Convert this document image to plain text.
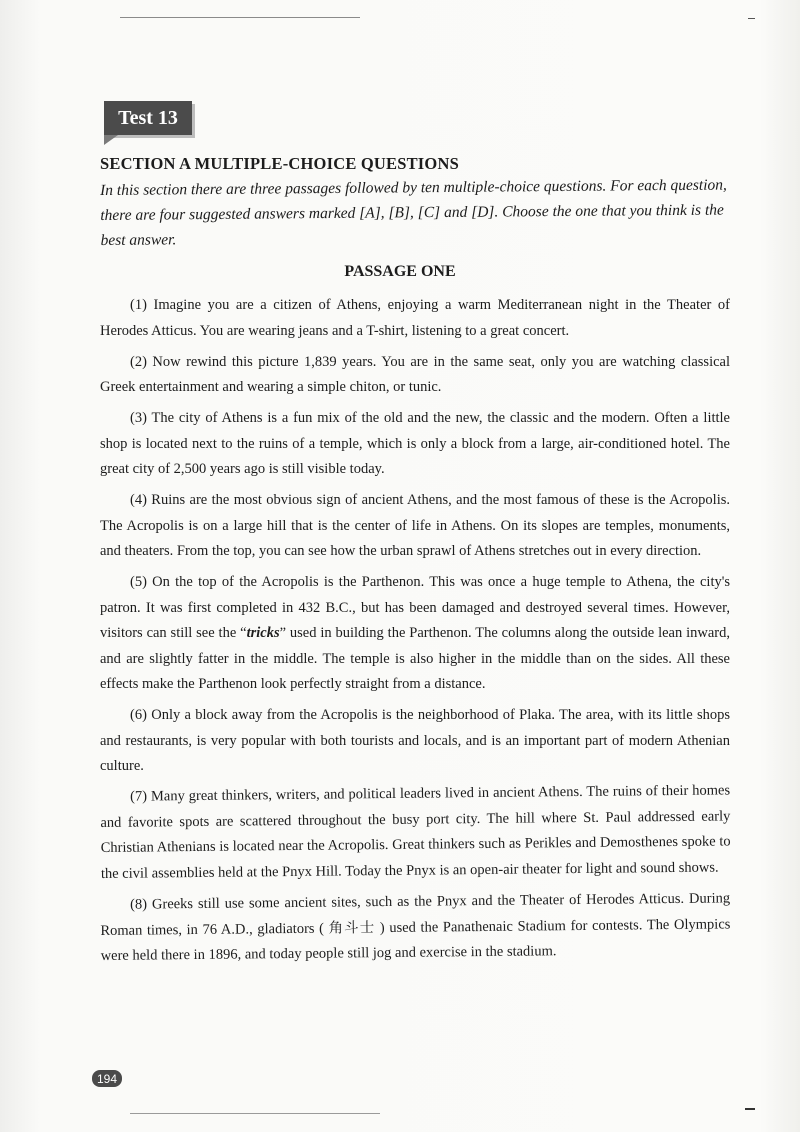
Test 13
SECTION A MULTIPLE-CHOICE QUESTIONS
In this section there are three passages followed by ten multiple-choice questions. For each question, there are four suggested answers marked [A], [B], [C] and [D]. Choose the one that you think is the best answer.
PASSAGE ONE

(1) Imagine you are a citizen of Athens, enjoying a warm Mediterranean night in the Theater of Herodes Atticus. You are wearing jeans and a T-shirt, listening to a great concert.

(2) Now rewind this picture 1,839 years. You are in the same seat, only you are watching classical Greek entertainment and wearing a simple chiton, or tunic.

(3) The city of Athens is a fun mix of the old and the new, the classic and the modern. Often a little shop is located next to the ruins of a temple, which is only a block from a large, air-conditioned hotel. The great city of 2,500 years ago is still visible today.

(4) Ruins are the most obvious sign of ancient Athens, and the most famous of these is the Acropolis. The Acropolis is on a large hill that is the center of life in Athens. On its slopes are temples, monuments, and theaters. From the top, you can see how the urban sprawl of Athens stretches out in every direction.

(5) On the top of the Acropolis is the Parthenon. This was once a huge temple to Athena, the city's patron. It was first completed in 432 B.C., but has been damaged and destroyed several times. However, visitors can still see the “tricks” used in building the Parthenon. The columns along the outside lean inward, and are slightly fatter in the middle. The temple is also higher in the middle than on the sides. All these effects make the Parthenon look perfectly straight from a distance.

(6) Only a block away from the Acropolis is the neighborhood of Plaka. The area, with its little shops and restaurants, is very popular with both tourists and locals, and is an important part of modern Athenian culture.

(7) Many great thinkers, writers, and political leaders lived in ancient Athens. The ruins of their homes and favorite spots are scattered throughout the busy port city. The hill where St. Paul addressed early Christian Athenians is located near the Acropolis. Great thinkers such as Perikles and Demosthenes spoke to the civil assemblies held at the Pnyx Hill. Today the Pnyx is an open-air theater for light and sound shows.

(8) Greeks still use some ancient sites, such as the Pnyx and the Theater of Herodes Atticus. During Roman times, in 76 A.D., gladiators ( 角斗士 ) used the Panathenaic Stadium for contests. The Olympics were held there in 1896, and today people still jog and exercise in the stadium.

194
